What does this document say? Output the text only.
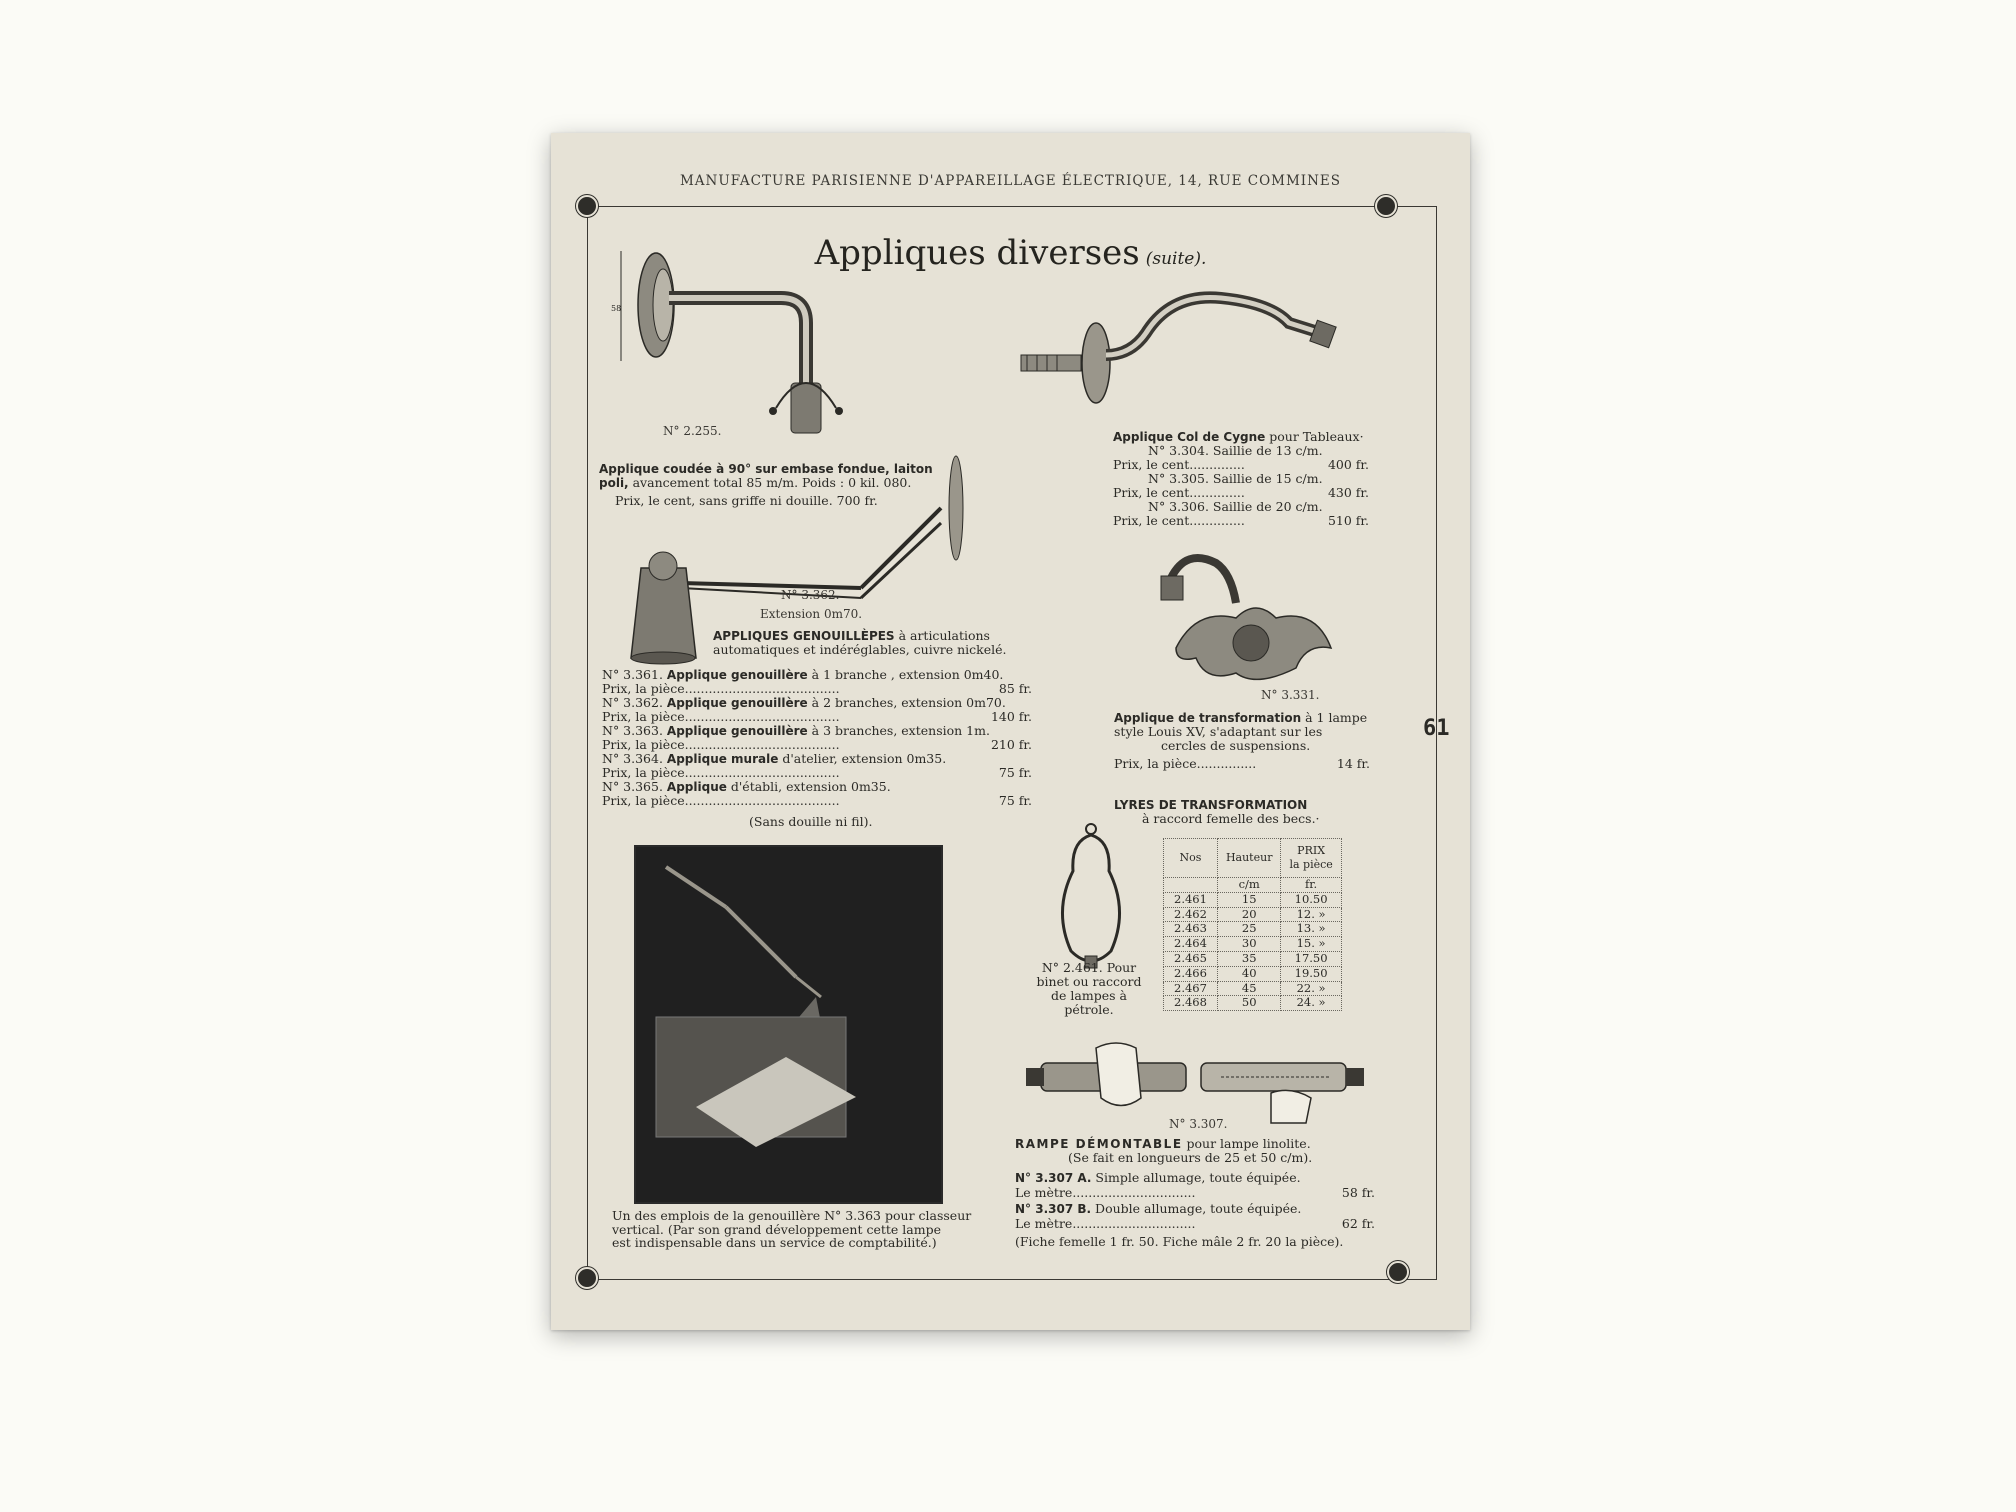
MANUFACTURE PARISIENNE D'APPAREILLAGE ÉLECTRIQUE, 14, RUE COMMINES
Appliques diverses (suite).
61
58
N° 2.255.
Applique coudée à 90° sur embase fondue, laiton
poli, avancement total 85 m/m. Poids : 0 kil. 080.
Prix, le cent, sans griffe ni douille. 700 fr.
Applique Col de Cygne pour Tableaux·
N° 3.304. Saillie de 13 c/m.
Prix, le cent..............	400 fr.
N° 3.305. Saillie de 15 c/m.
Prix, le cent..............	430 fr.
N° 3.306. Saillie de 20 c/m.
Prix, le cent..............	510 fr.
N° 3.362.
Extension 0m70.
APPLIQUES GENOUILLÈPES à articulations
automatiques et indéréglables, cuivre nickelé.
N° 3.361. Applique genouillère à 1 branche , extension 0m40.
Prix, la pièce.......................................	85 fr.
N° 3.362. Applique genouillère à 2 branches, extension 0m70.
Prix, la pièce.......................................	140 fr.
N° 3.363. Applique genouillère à 3 branches, extension 1m.
Prix, la pièce.......................................	210 fr.
N° 3.364. Applique murale d'atelier, extension 0m35.
Prix, la pièce.......................................	75 fr.
N° 3.365. Applique d'établi, extension 0m35.
Prix, la pièce.......................................	75 fr.
(Sans douille ni fil).
N° 3.331.
Applique de transformation à 1 lampe
style Louis XV, s'adaptant sur les
cercles de suspensions.
Prix, la pièce...............	14 fr.
LYRES DE TRANSFORMATION
à raccord femelle des becs.·
N° 2.461. Pour
binet ou raccord
de lampes à
pétrole.
Nos	Hauteur	PRIX
la pièce

	c/m	fr.
2.461	15	10.50
2.462	20	12. »
2.463	25	13. »
2.464	30	15. »
2.465	35	17.50
2.466	40	19.50
2.467	45	22. »
2.468	50	24. »
N° 3.307.
RAMPE DÉMONTABLE pour lampe linolite.
(Se fait en longueurs de 25 et 50 c/m).
N° 3.307 A. Simple allumage, toute équipée.
Le mètre...............................	58 fr.
N° 3.307 B. Double allumage, toute équipée.
Le mètre...............................	62 fr.
(Fiche femelle 1 fr. 50. Fiche mâle 2 fr. 20 la pièce).
Un des emplois de la genouillère N° 3.363 pour classeur
vertical. (Par son grand développement cette lampe
est indispensable dans un service de comptabilité.)
